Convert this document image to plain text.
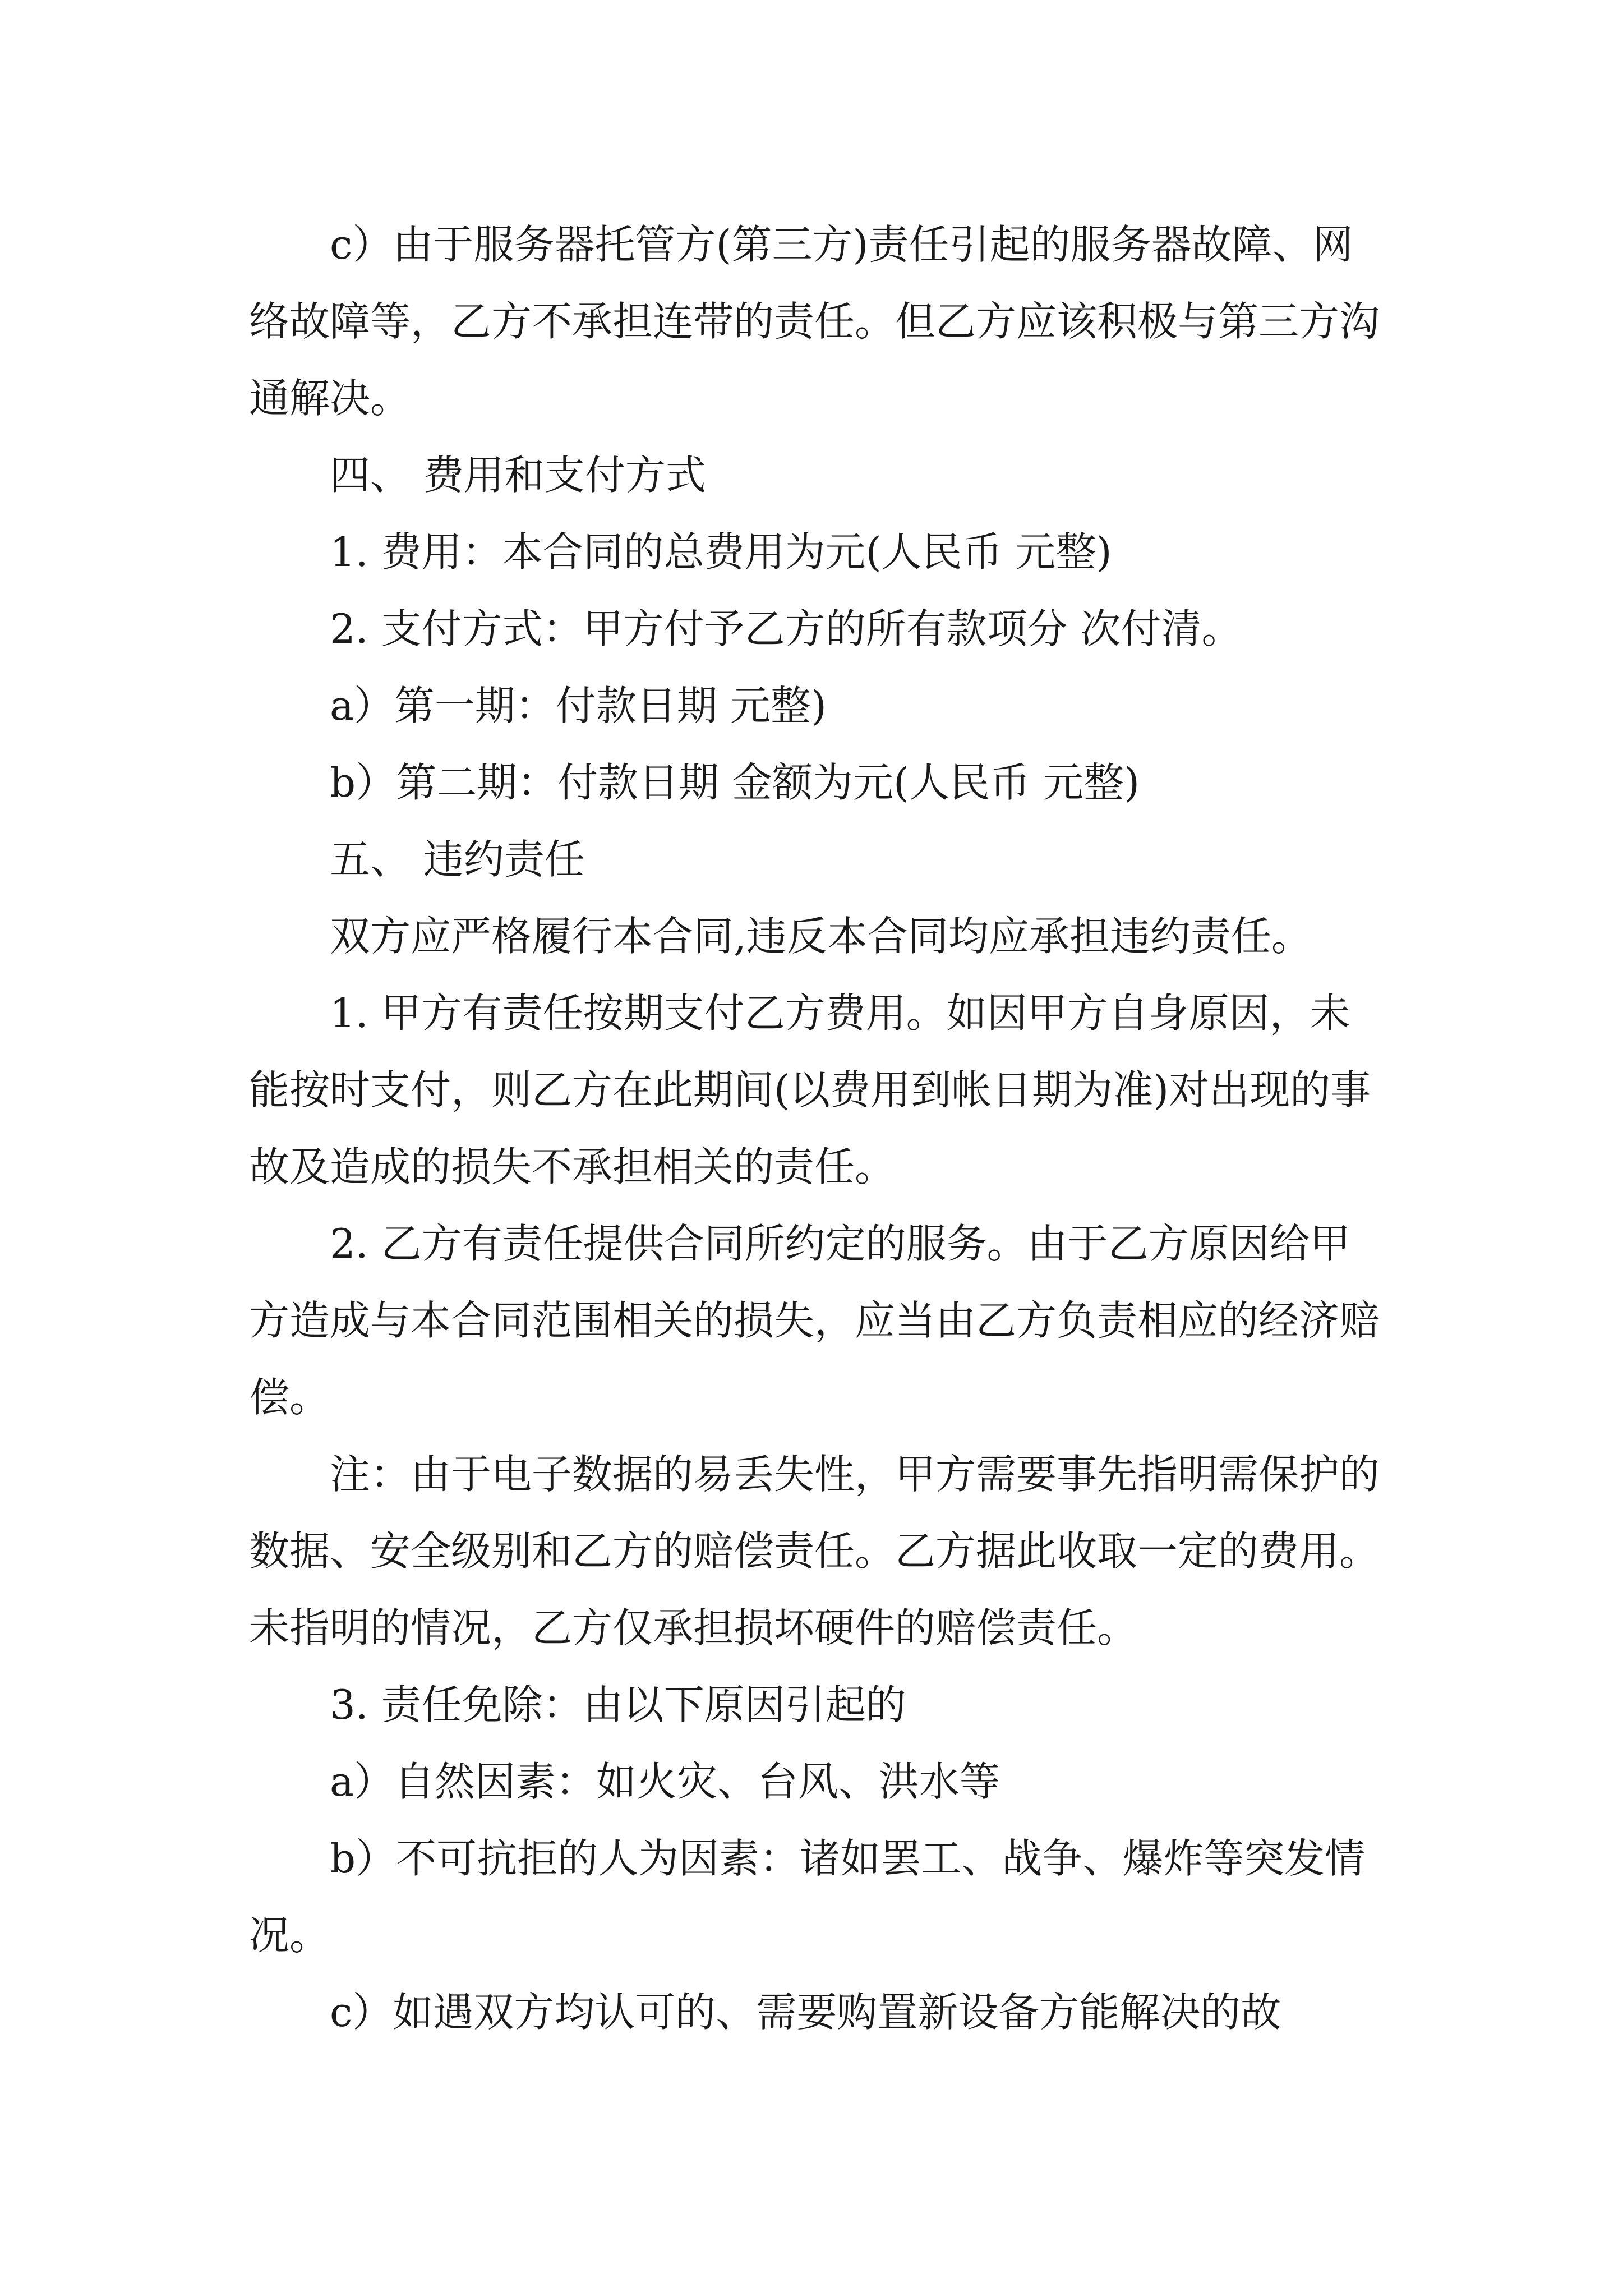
c）由于服务器托管方(第三方)责任引起的服务器故障、网络故障等，乙方不承担连带的责任。但乙方应该积极与第三方沟通解决。

四、 费用和支付方式

1. 费用：本合同的总费用为元(人民币 元整)

2. 支付方式：甲方付予乙方的所有款项分 次付清。

a）第一期：付款日期 元整)

b）第二期：付款日期 金额为元(人民币 元整)

五、 违约责任

双方应严格履行本合同,违反本合同均应承担违约责任。

1. 甲方有责任按期支付乙方费用。如因甲方自身原因，未能按时支付，则乙方在此期间(以费用到帐日期为准)对出现的事故及造成的损失不承担相关的责任。

2. 乙方有责任提供合同所约定的服务。由于乙方原因给甲方造成与本合同范围相关的损失，应当由乙方负责相应的经济赔偿。

注：由于电子数据的易丢失性，甲方需要事先指明需保护的数据、安全级别和乙方的赔偿责任。乙方据此收取一定的费用。未指明的情况，乙方仅承担损坏硬件的赔偿责任。

3. 责任免除：由以下原因引起的

a）自然因素：如火灾、台风、洪水等

b）不可抗拒的人为因素：诸如罢工、战争、爆炸等突发情况。

c）如遇双方均认可的、需要购置新设备方能解决的故
